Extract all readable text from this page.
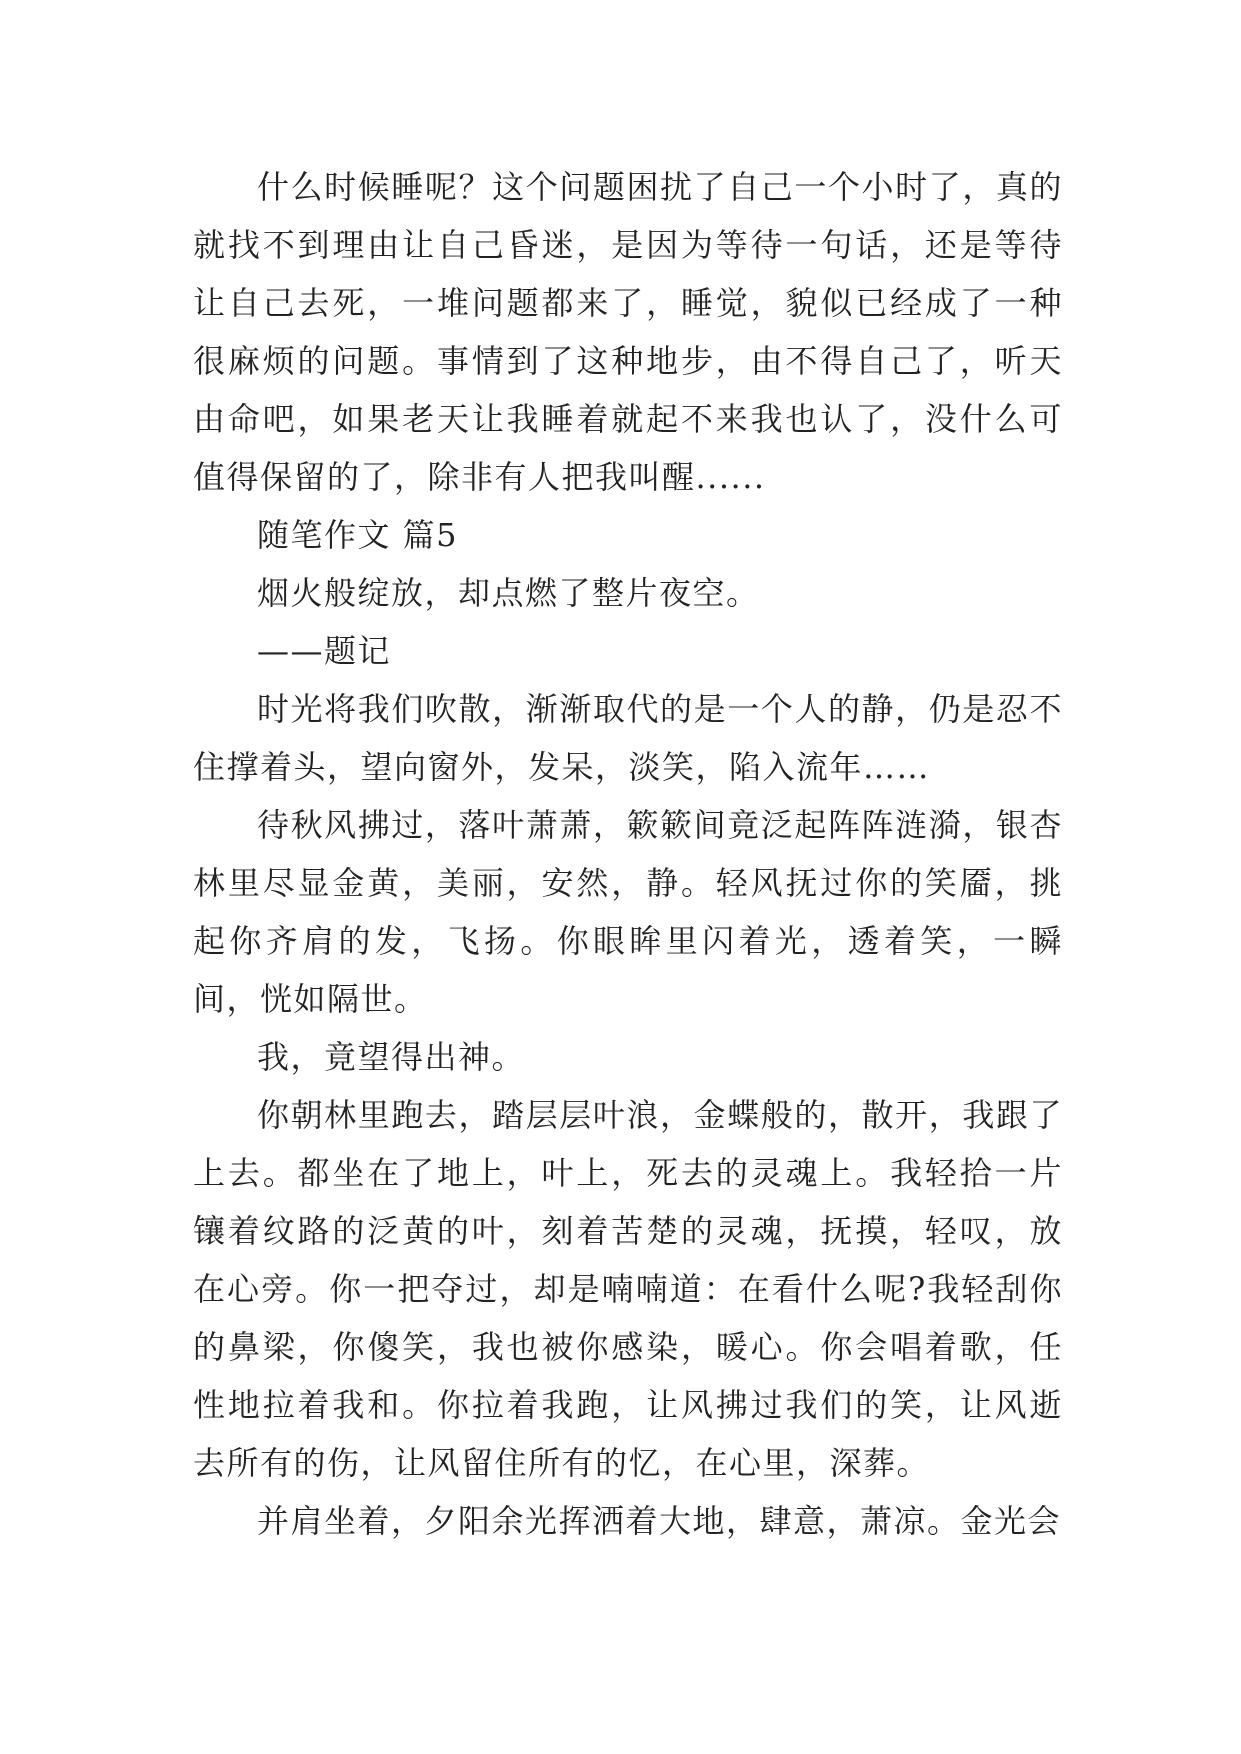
什么时候睡呢？这个问题困扰了自己一个小时了，真的就找不到理由让自己昏迷，是因为等待一句话，还是等待让自己去死，一堆问题都来了，睡觉，貌似已经成了一种很麻烦的问题。事情到了这种地步，由不得自己了，听天由命吧，如果老天让我睡着就起不来我也认了，没什么可值得保留的了，除非有人把我叫醒......

随笔作文 篇5

烟火般绽放，却点燃了整片夜空。

——题记

时光将我们吹散，渐渐取代的是一个人的静，仍是忍不住撑着头，望向窗外，发呆，淡笑，陷入流年……

待秋风拂过，落叶萧萧，簌簌间竟泛起阵阵涟漪，银杏林里尽显金黄，美丽，安然，静。轻风抚过你的笑靥，挑起你齐肩的发，飞扬。你眼眸里闪着光，透着笑，一瞬间，恍如隔世。

我，竟望得出神。

你朝林里跑去，踏层层叶浪，金蝶般的，散开，我跟了上去。都坐在了地上，叶上，死去的灵魂上。我轻拾一片镶着纹路的泛黄的叶，刻着苦楚的灵魂，抚摸，轻叹，放在心旁。你一把夺过，却是喃喃道：在看什么呢?我轻刮你的鼻梁，你傻笑，我也被你感染，暖心。你会唱着歌，任性地拉着我和。你拉着我跑，让风拂过我们的笑，让风逝去所有的伤，让风留住所有的忆，在心里，深葬。

并肩坐着，夕阳余光挥洒着大地，肆意，萧凉。金光会
